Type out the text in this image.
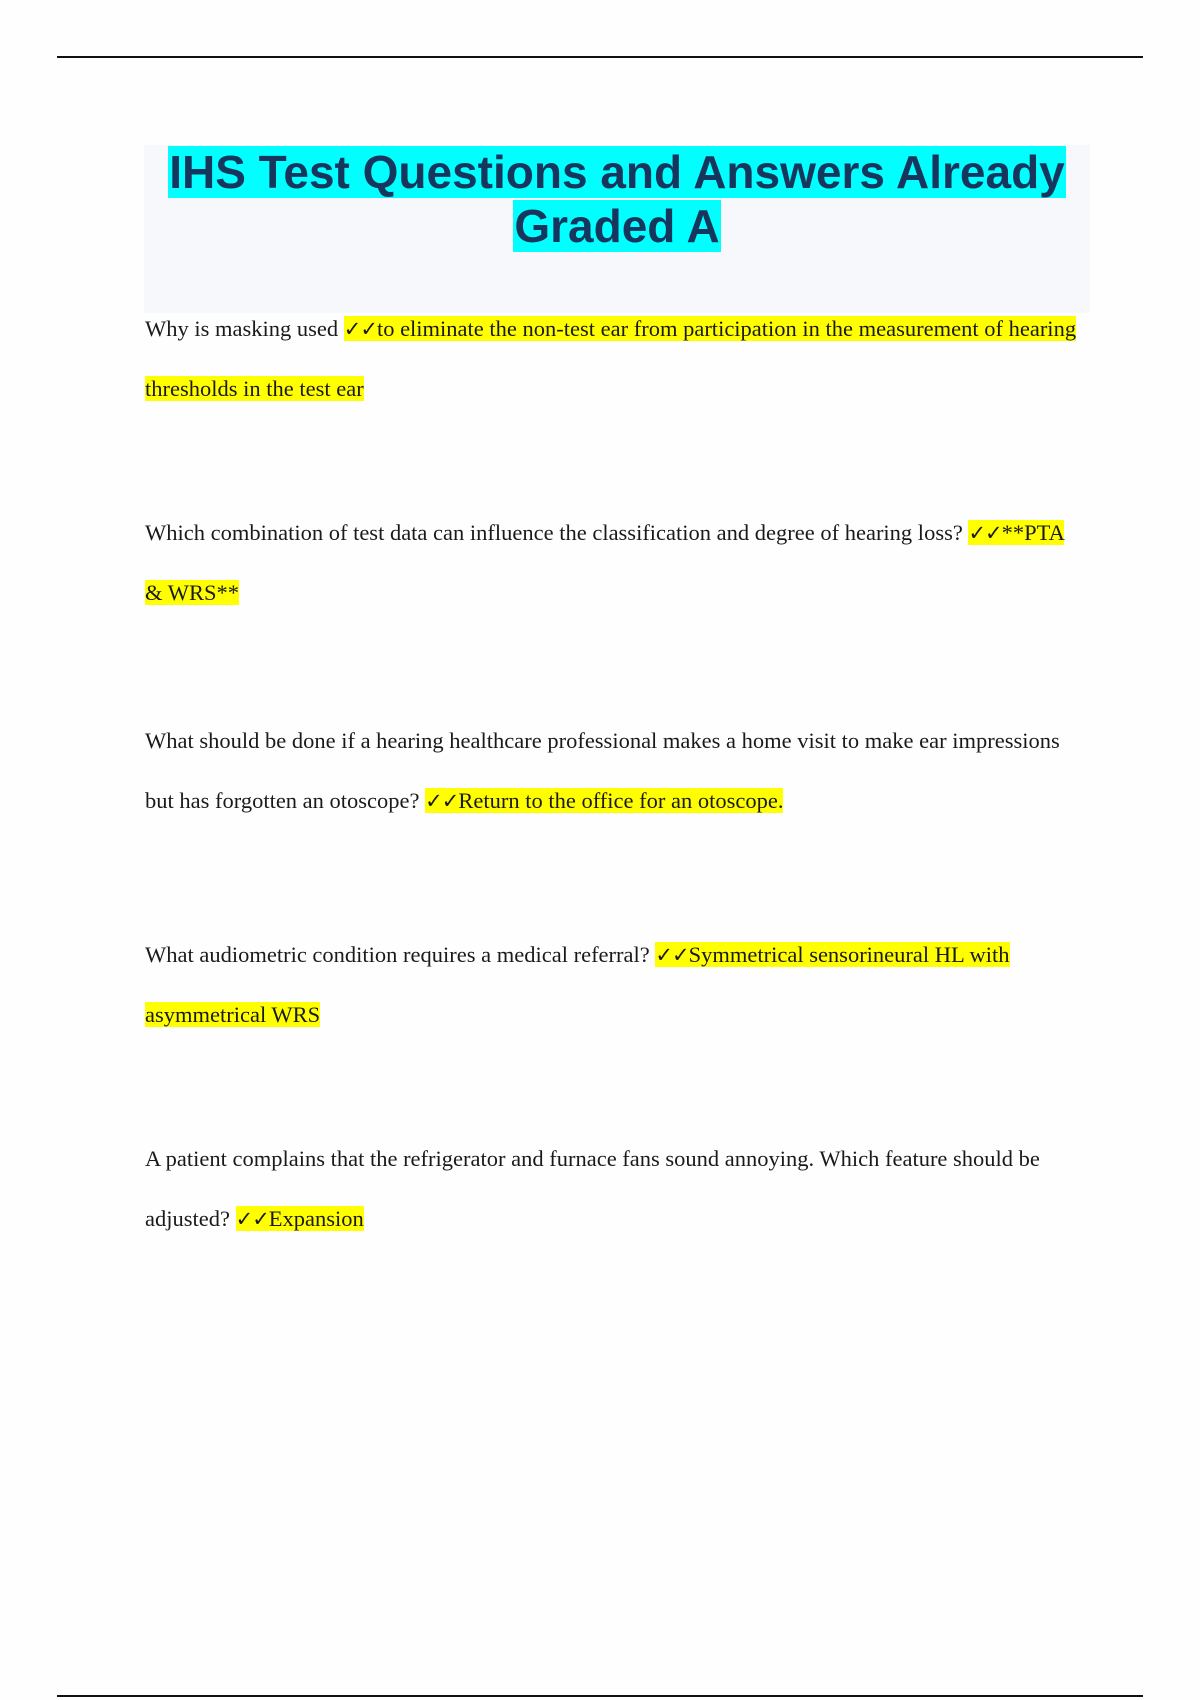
IHS Test Questions and Answers Already
Graded A

Why is masking used ✓✓to eliminate the non-test ear from participation in the measurement of hearing thresholds in the test ear

Which combination of test data can influence the classification and degree of hearing loss? ✓✓**PTA & WRS**

What should be done if a hearing healthcare professional makes a home visit to make ear impressions but has forgotten an otoscope? ✓✓Return to the office for an otoscope.

What audiometric condition requires a medical referral? ✓✓Symmetrical sensorineural HL with asymmetrical WRS

A patient complains that the refrigerator and furnace fans sound annoying. Which feature should be adjusted? ✓✓Expansion
